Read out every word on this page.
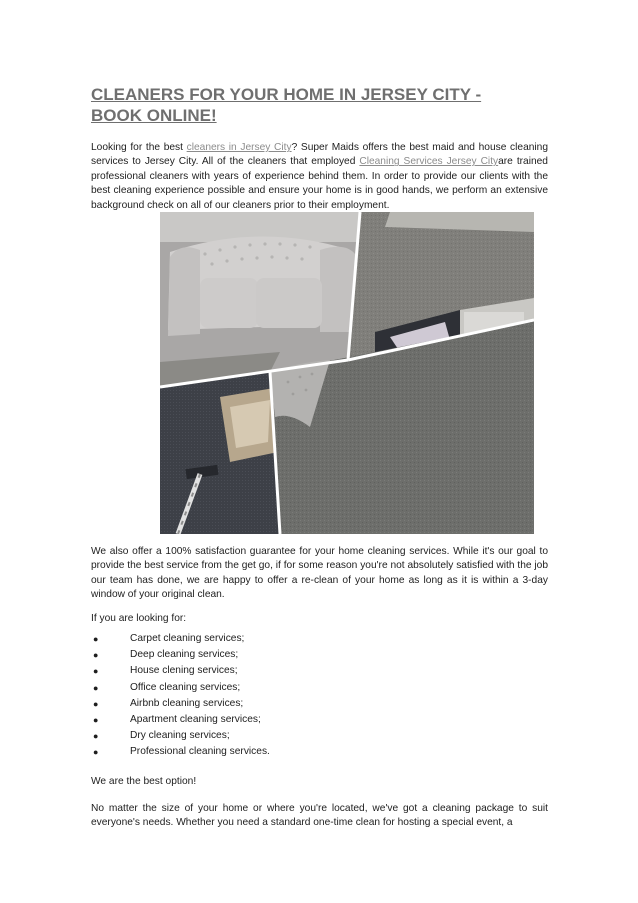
CLEANERS FOR YOUR HOME IN JERSEY CITY - BOOK ONLINE!

Looking for the best cleaners in Jersey City? Super Maids offers the best maid and house cleaning services to Jersey City. All of the cleaners that employed Cleaning Services Jersey Cityare trained professional cleaners with years of experience behind them. In order to provide our clients with the best cleaning experience possible and ensure your home is in good hands, we perform an extensive background check on all of our cleaners prior to their employment.

We also offer a 100% satisfaction guarantee for your home cleaning services. While it's our goal to provide the best service from the get go, if for some reason you're not absolutely satisfied with the job our team has done, we are happy to offer a re-clean of your home as long as it is within a 3-day window of your original clean.

If you are looking for:

●	Carpet cleaning services;
●	Deep cleaning services;
●	House clening services;
●	Office cleaning services;
●	Airbnb cleaning services;
●	Apartment cleaning services;
●	Dry cleaning services;
●	Professional cleaning services.

We are the best option!

No matter the size of your home or where you're located, we've got a cleaning package to suit everyone's needs. Whether you need a standard one-time clean for hosting a special event, a
